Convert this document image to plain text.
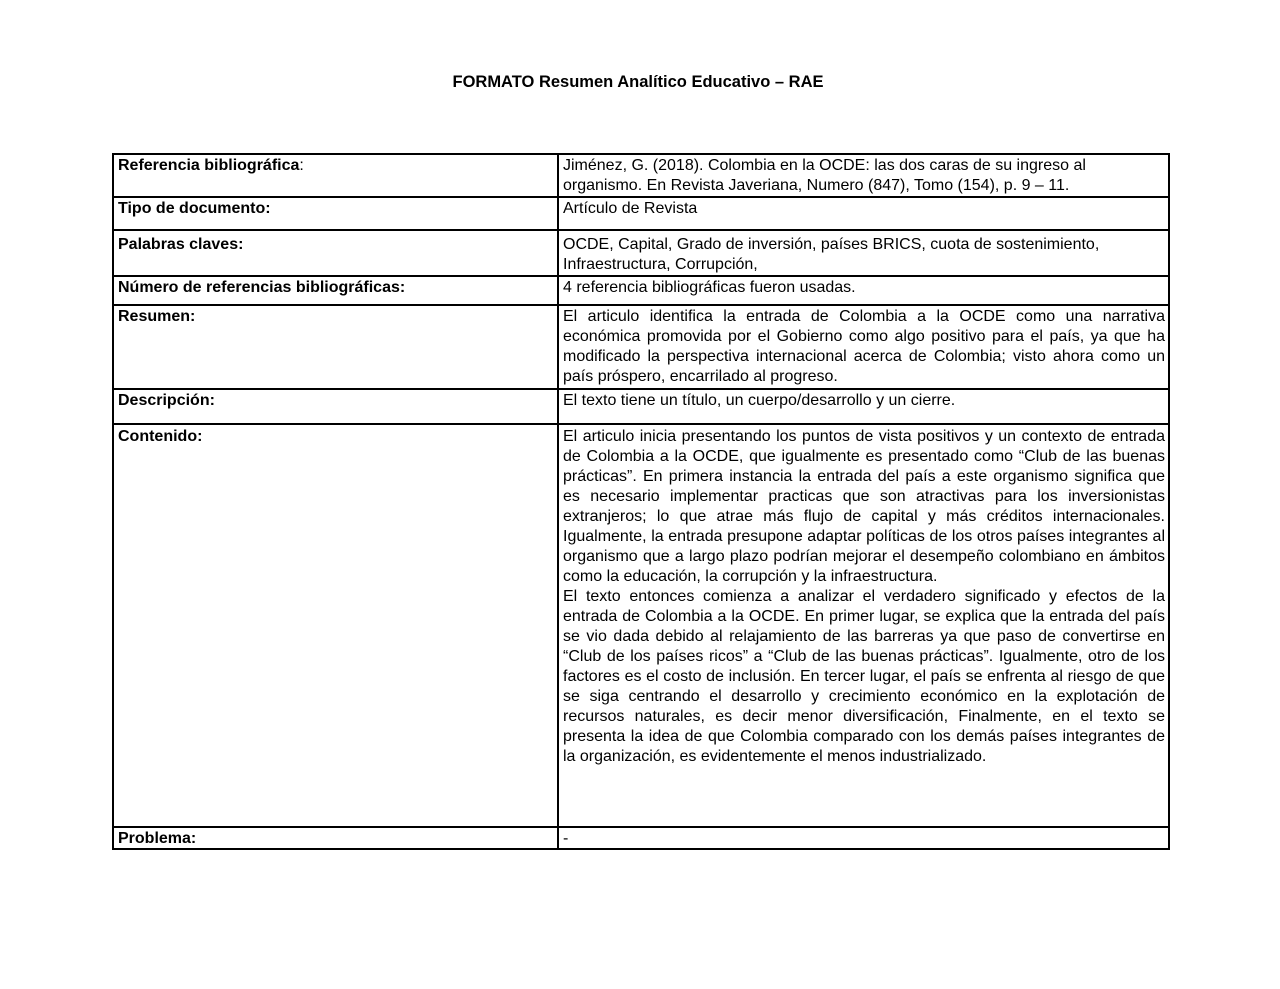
FORMATO Resumen Analítico Educativo – RAE
Referencia bibliográfica:	Jiménez, G. (2018). Colombia en la OCDE: las dos caras de su ingreso al organismo. En Revista Javeriana, Numero (847), Tomo (154), p. 9 – 11.
Tipo de documento:	Artículo de Revista
Palabras claves:	OCDE, Capital, Grado de inversión, países BRICS, cuota de sostenimiento, Infraestructura, Corrupción,
Número de referencias bibliográficas:	4 referencia bibliográficas fueron usadas.
Resumen:	El articulo identifica la entrada de Colombia a la OCDE como una narrativa económica promovida por el Gobierno como algo positivo para el país, ya que ha modificado la perspectiva internacional acerca de Colombia; visto ahora como un país próspero, encarrilado al progreso.

Descripción:	El texto tiene un título, un cuerpo/desarrollo y un cierre.
Contenido:	El articulo inicia presentando los puntos de vista positivos y un contexto de entrada de Colombia a la OCDE, que igualmente es presentado como “Club de las buenas prácticas”. En primera instancia la entrada del país a este organismo significa que es necesario implementar practicas que son atractivas para los inversionistas extranjeros; lo que atrae más flujo de capital y más créditos internacionales. Igualmente, la entrada presupone adaptar políticas de los otros países integrantes al organismo que a largo plazo podrían mejorar el desempeño colombiano en ámbitos como la educación, la corrupción y la infraestructura.

El texto entonces comienza a analizar el verdadero significado y efectos de la entrada de Colombia a la OCDE. En primer lugar, se explica que la entrada del país se vio dada debido al relajamiento de las barreras ya que paso de convertirse en “Club de los países ricos” a “Club de las buenas prácticas”. Igualmente, otro de los factores es el costo de inclusión. En tercer lugar, el país se enfrenta al riesgo de que se siga centrando el desarrollo y crecimiento económico en la explotación de recursos naturales, es decir menor diversificación, Finalmente, en el texto se presenta la idea de que Colombia comparado con los demás países integrantes de la organización, es evidentemente el menos industrializado.

Problema:	-
